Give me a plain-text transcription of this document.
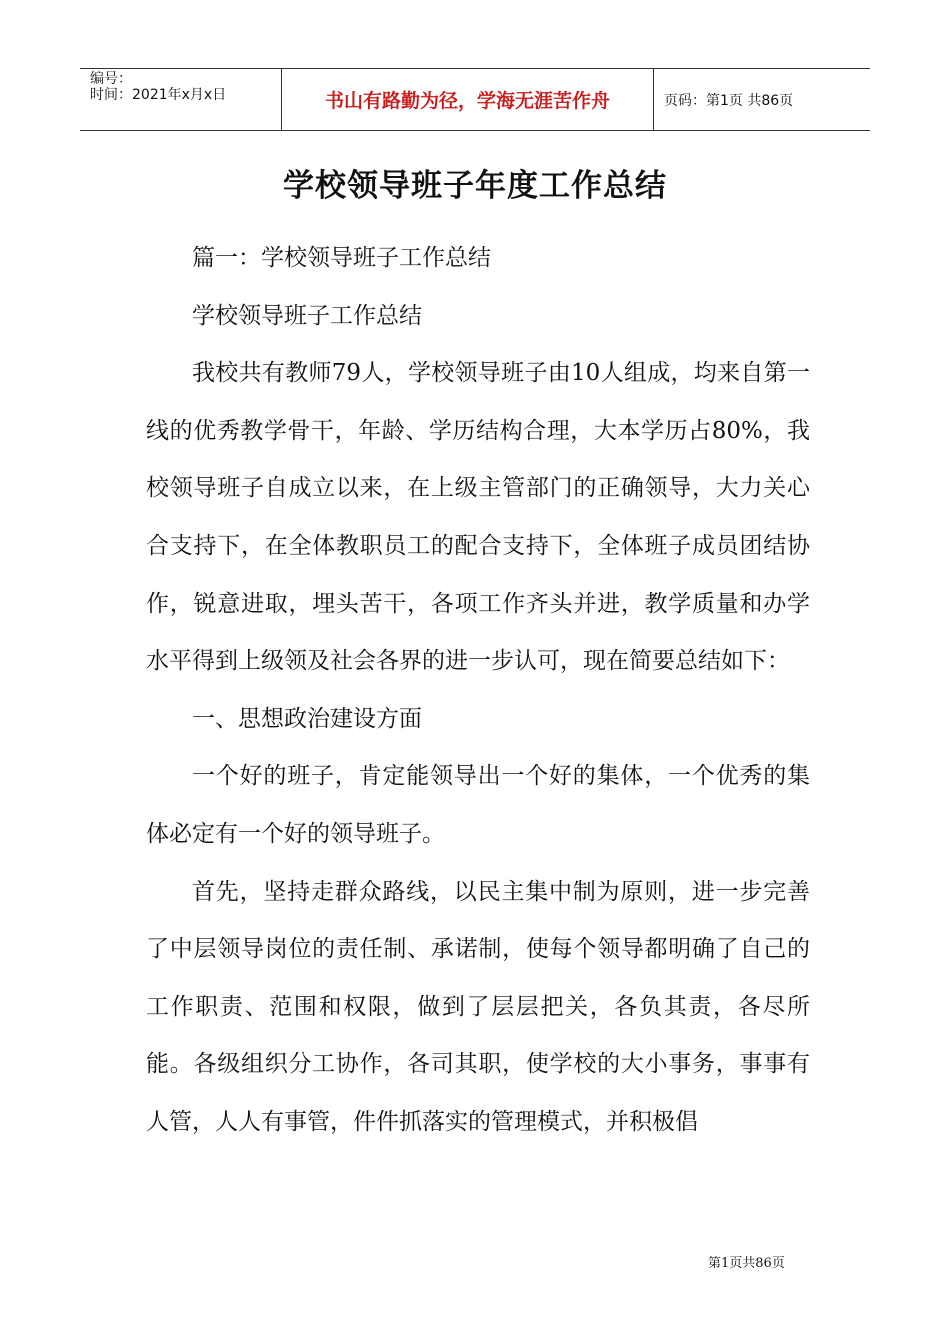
编号：
时间：2021年x月x日	书山有路勤为径，学海无涯苦作舟	页码：第1页 共86页
学校领导班子年度工作总结

篇一：学校领导班子工作总结

学校领导班子工作总结

我校共有教师79人，学校领导班子由10人组成，均来自第一线的优秀教学骨干，年龄、学历结构合理，大本学历占80%，我校领导班子自成立以来，在上级主管部门的正确领导，大力关心合支持下，在全体教职员工的配合支持下，全体班子成员团结协作，锐意进取，埋头苦干，各项工作齐头并进，教学质量和办学水平得到上级领及社会各界的进一步认可，现在简要总结如下：

一、思想政治建设方面

一个好的班子，肯定能领导出一个好的集体，一个优秀的集体必定有一个好的领导班子。

首先，坚持走群众路线，以民主集中制为原则，进一步完善了中层领导岗位的责任制、承诺制，使每个领导都明确了自己的工作职责、范围和权限，做到了层层把关，各负其责，各尽所能。各级组织分工协作，各司其职，使学校的大小事务，事事有人管，人人有事管，件件抓落实的管理模式，并积极倡

第1页共86页
